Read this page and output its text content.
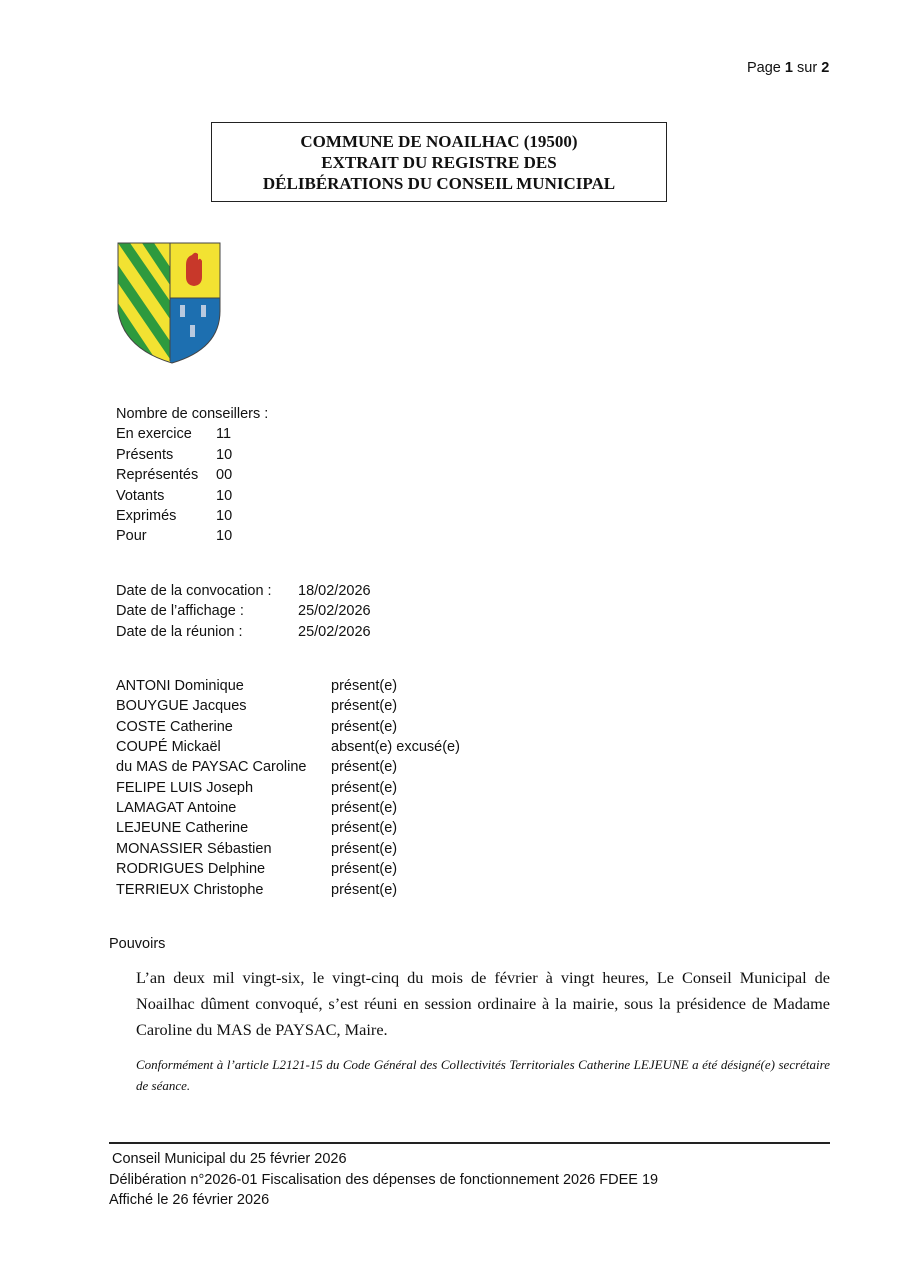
Page 1 sur 2
COMMUNE DE NOAILHAC (19500)
EXTRAIT DU REGISTRE DES
DÉLIBÉRATIONS DU CONSEIL MUNICIPAL
Nombre de conseillers :
En exercice 11
Présents	10
Représentés 00
Votants	10
Exprimés	10
Pour	10
Date de la convocation : 18/02/2026
Date de l’affichage :	25/02/2026
Date de la réunion :	25/02/2026
ANTONI Dominique	présent(e)
BOUYGUE Jacques	présent(e)
COSTE Catherine	présent(e)
COUPÉ Mickaël	absent(e) excusé(e)
du MAS de PAYSAC Caroline présent(e)
FELIPE LUIS Joseph	présent(e)
LAMAGAT Antoine	présent(e)
LEJEUNE Catherine	présent(e)
MONASSIER Sébastien	présent(e)
RODRIGUES Delphine	présent(e)
TERRIEUX Christophe	présent(e)
Pouvoirs
L’an deux mil vingt-six, le vingt-cinq du mois de février à vingt heures, Le Conseil Municipal de Noailhac dûment convoqué, s’est réuni en session ordinaire à la mairie, sous la présidence de Madame Caroline du MAS de PAYSAC, Maire.
Conformément à l’article L2121-15 du Code Général des Collectivités Territoriales Catherine LEJEUNE a été désigné(e) secrétaire de séance.
Conseil Municipal du 25 février 2026
Délibération n°2026-01 Fiscalisation des dépenses de fonctionnement 2026 FDEE 19
Affiché le 26 février 2026
